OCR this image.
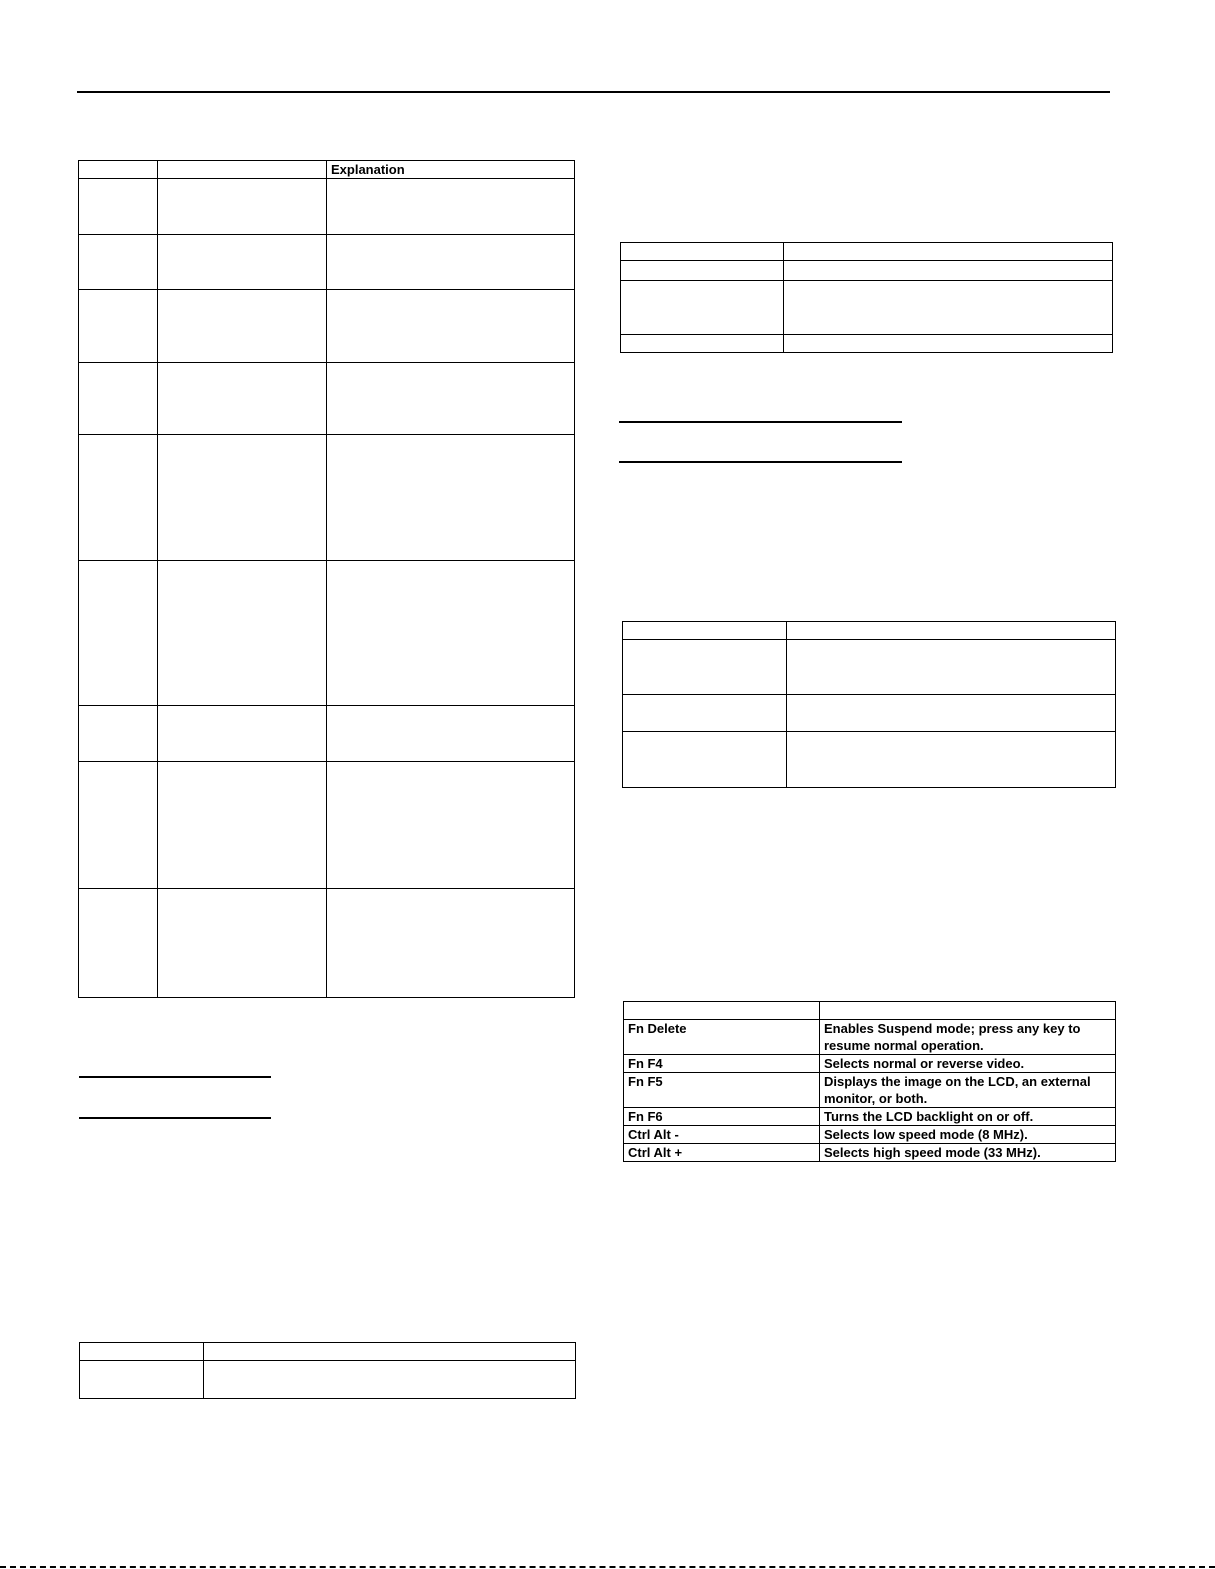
		Explanation

Fn Delete	Enables Suspend mode; press any key to resume normal operation.
Fn F4	Selects normal or reverse video.
Fn F5	Displays the image on the LCD, an external monitor, or both.
Fn F6	Turns the LCD backlight on or off.
Ctrl Alt -	Selects low speed mode (8 MHz).
Ctrl Alt +	Selects high speed mode (33 MHz).
